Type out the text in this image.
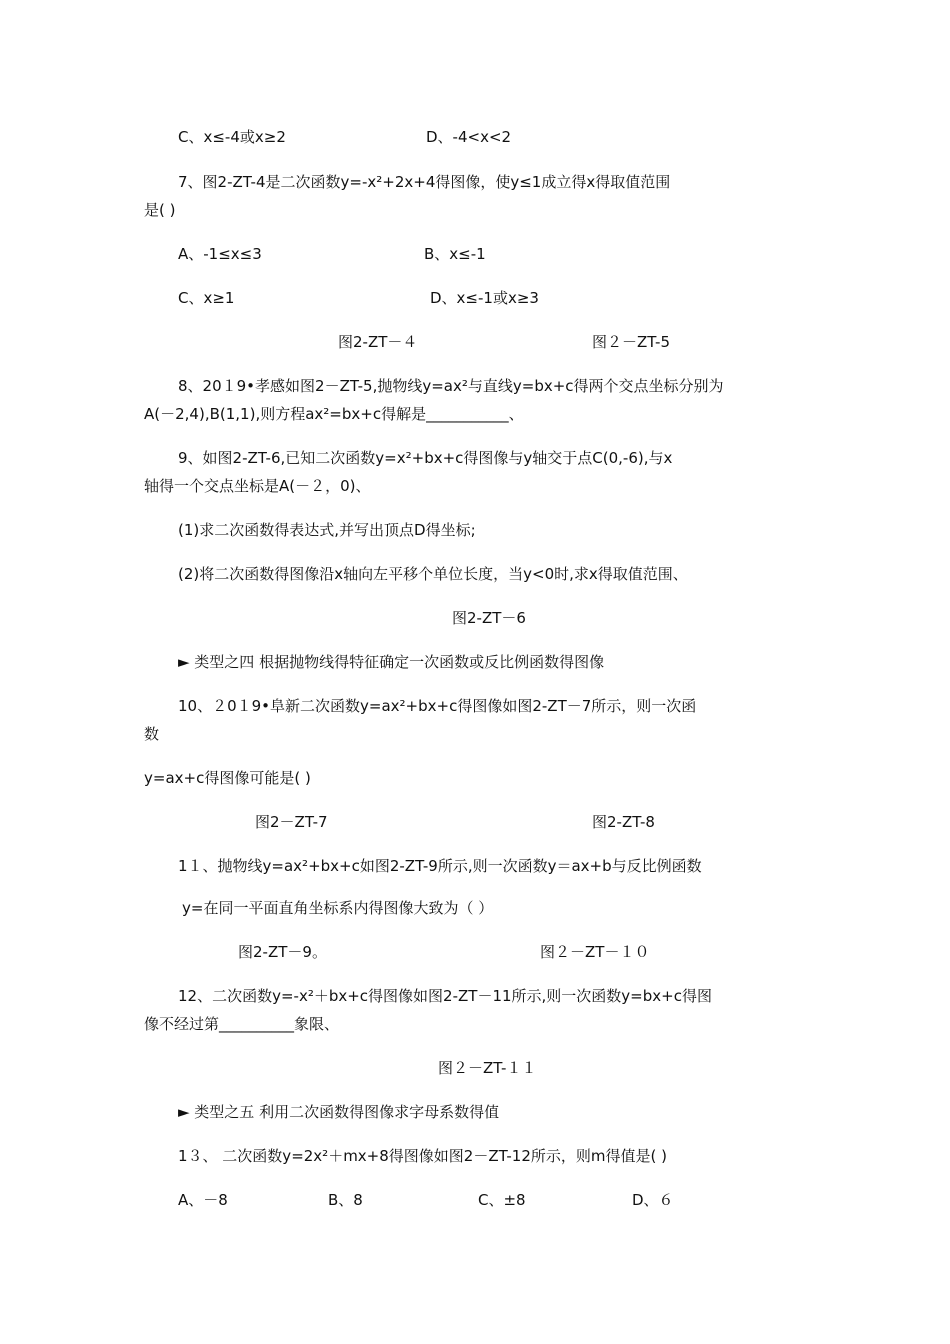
C、x≤-4或x≥2	D、-4<x<2
7、图2-ZT-4是二次函数y=-x²+2x+4得图像，使y≤1成立得x得取值范围
是( )
A、-1≤x≤3	B、x≤-1
C、x≥1	D、x≤-1或x≥3
图2-ZT－４	图２－ZT-5
8、20１9•孝感如图2－ZT-5,抛物线y=ax²与直线y=bx+c得两个交点坐标分别为
A(－2,4),B(1,1),则方程ax²=bx+c得解是___________、
9、如图2-ZT-6,已知二次函数y=x²+bx+c得图像与y轴交于点C(0,-6),与x
轴得一个交点坐标是A(－２，0)、
(1)求二次函数得表达式,并写出顶点D得坐标;
(2)将二次函数得图像沿x轴向左平移个单位长度，当y<0时,求x得取值范围、
图2-ZT－6
► 类型之四 根据抛物线得特征确定一次函数或反比例函数得图像
10、２0１9•阜新二次函数y=ax²+bx+c得图像如图2-ZT－7所示，则一次函
数
y=ax+c得图像可能是( )
图2－ZT-7	图2-ZT-8
1１、抛物线y=ax²+bx+c如图2-ZT-9所示,则一次函数y＝ax+b与反比例函数
y=在同一平面直角坐标系内得图像大致为（ ）
图2-ZT－9。	图２－ZT－１０
12、二次函数y=-x²＋bx+c得图像如图2-ZT－11所示,则一次函数y=bx+c得图
像不经过第__________象限、
图２－ZT-１１
► 类型之五 利用二次函数得图像求字母系数得值
1３、 二次函数y=2x²＋mx+8得图像如图2－ZT-12所示，则m得值是( )
A、－8	B、8	C、±8	D、６
